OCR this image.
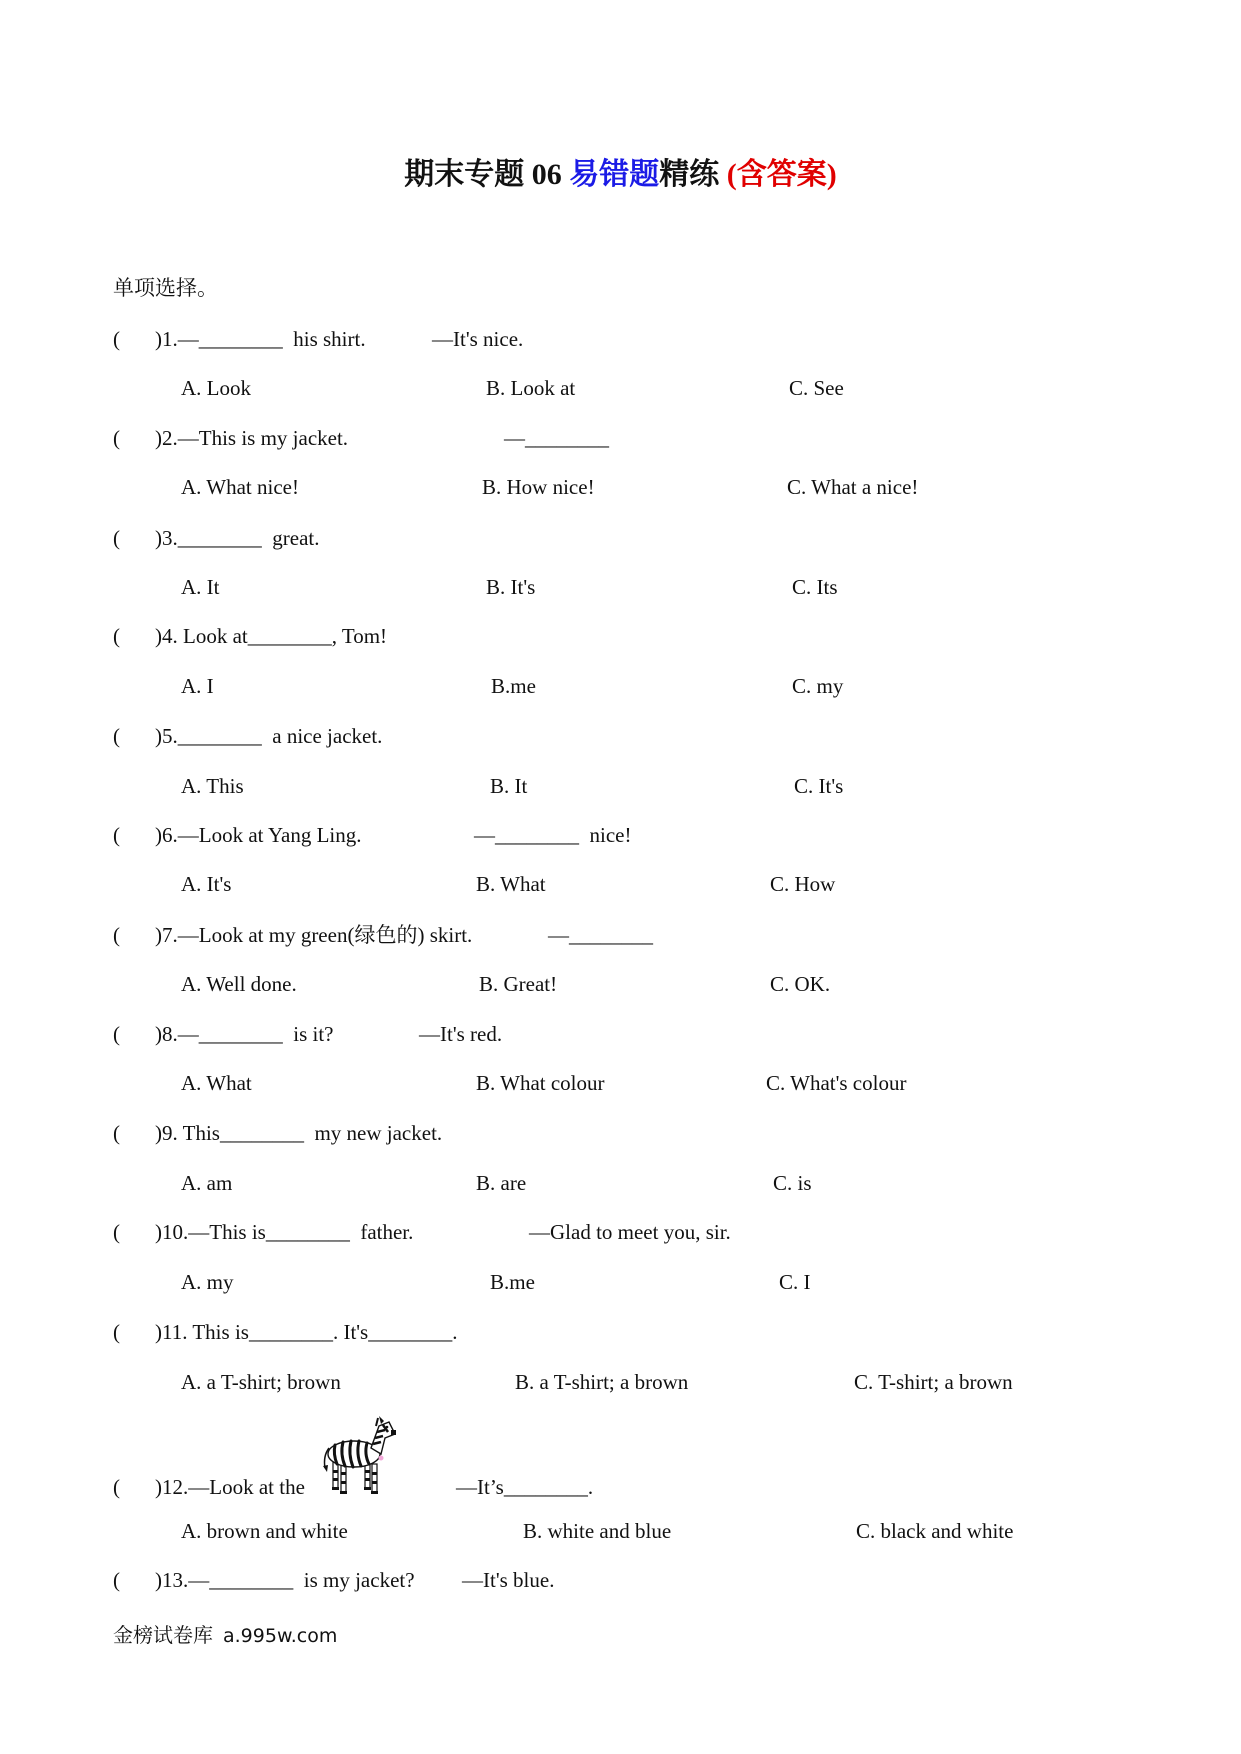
期末专题 06 易错题精练 (含答案)
单项选择。
( )1.—________  his shirt.	—It's nice.
A. Look	B. Look at	C. See
( )2.—This is my jacket.	—________
A. What nice!	B. How nice!	C. What a nice!
( )3.________  great.
A. It	B. It's	C. Its
( )4. Look at________, Tom!
A. I	B.me	C. my
( )5.________  a nice jacket.
A. This	B. It	C. It's
( )6.—Look at Yang Ling.	—________  nice!
A. It's	B. What	C. How
( )7.—Look at my green(绿色的) skirt.	—________
A. Well done.	B. Great!	C. OK.
( )8.—________  is it?	—It's red.
A. What	B. What colour	C. What's colour
( )9. This________  my new jacket.
A. am	B. are	C. is
( )10.—This is________  father.	—Glad to meet you, sir.
A. my	B.me	C. I
( )11. This is________. It's________.
A. a T-shirt; brown	B. a T-shirt; a brown	C. T-shirt; a brown
( )12.—Look at the	—It’s________.
A. brown and white	B. white and blue	C. black and white
( )13.—________  is my jacket? —It's blue.
金榜试卷库 a.995w.com
